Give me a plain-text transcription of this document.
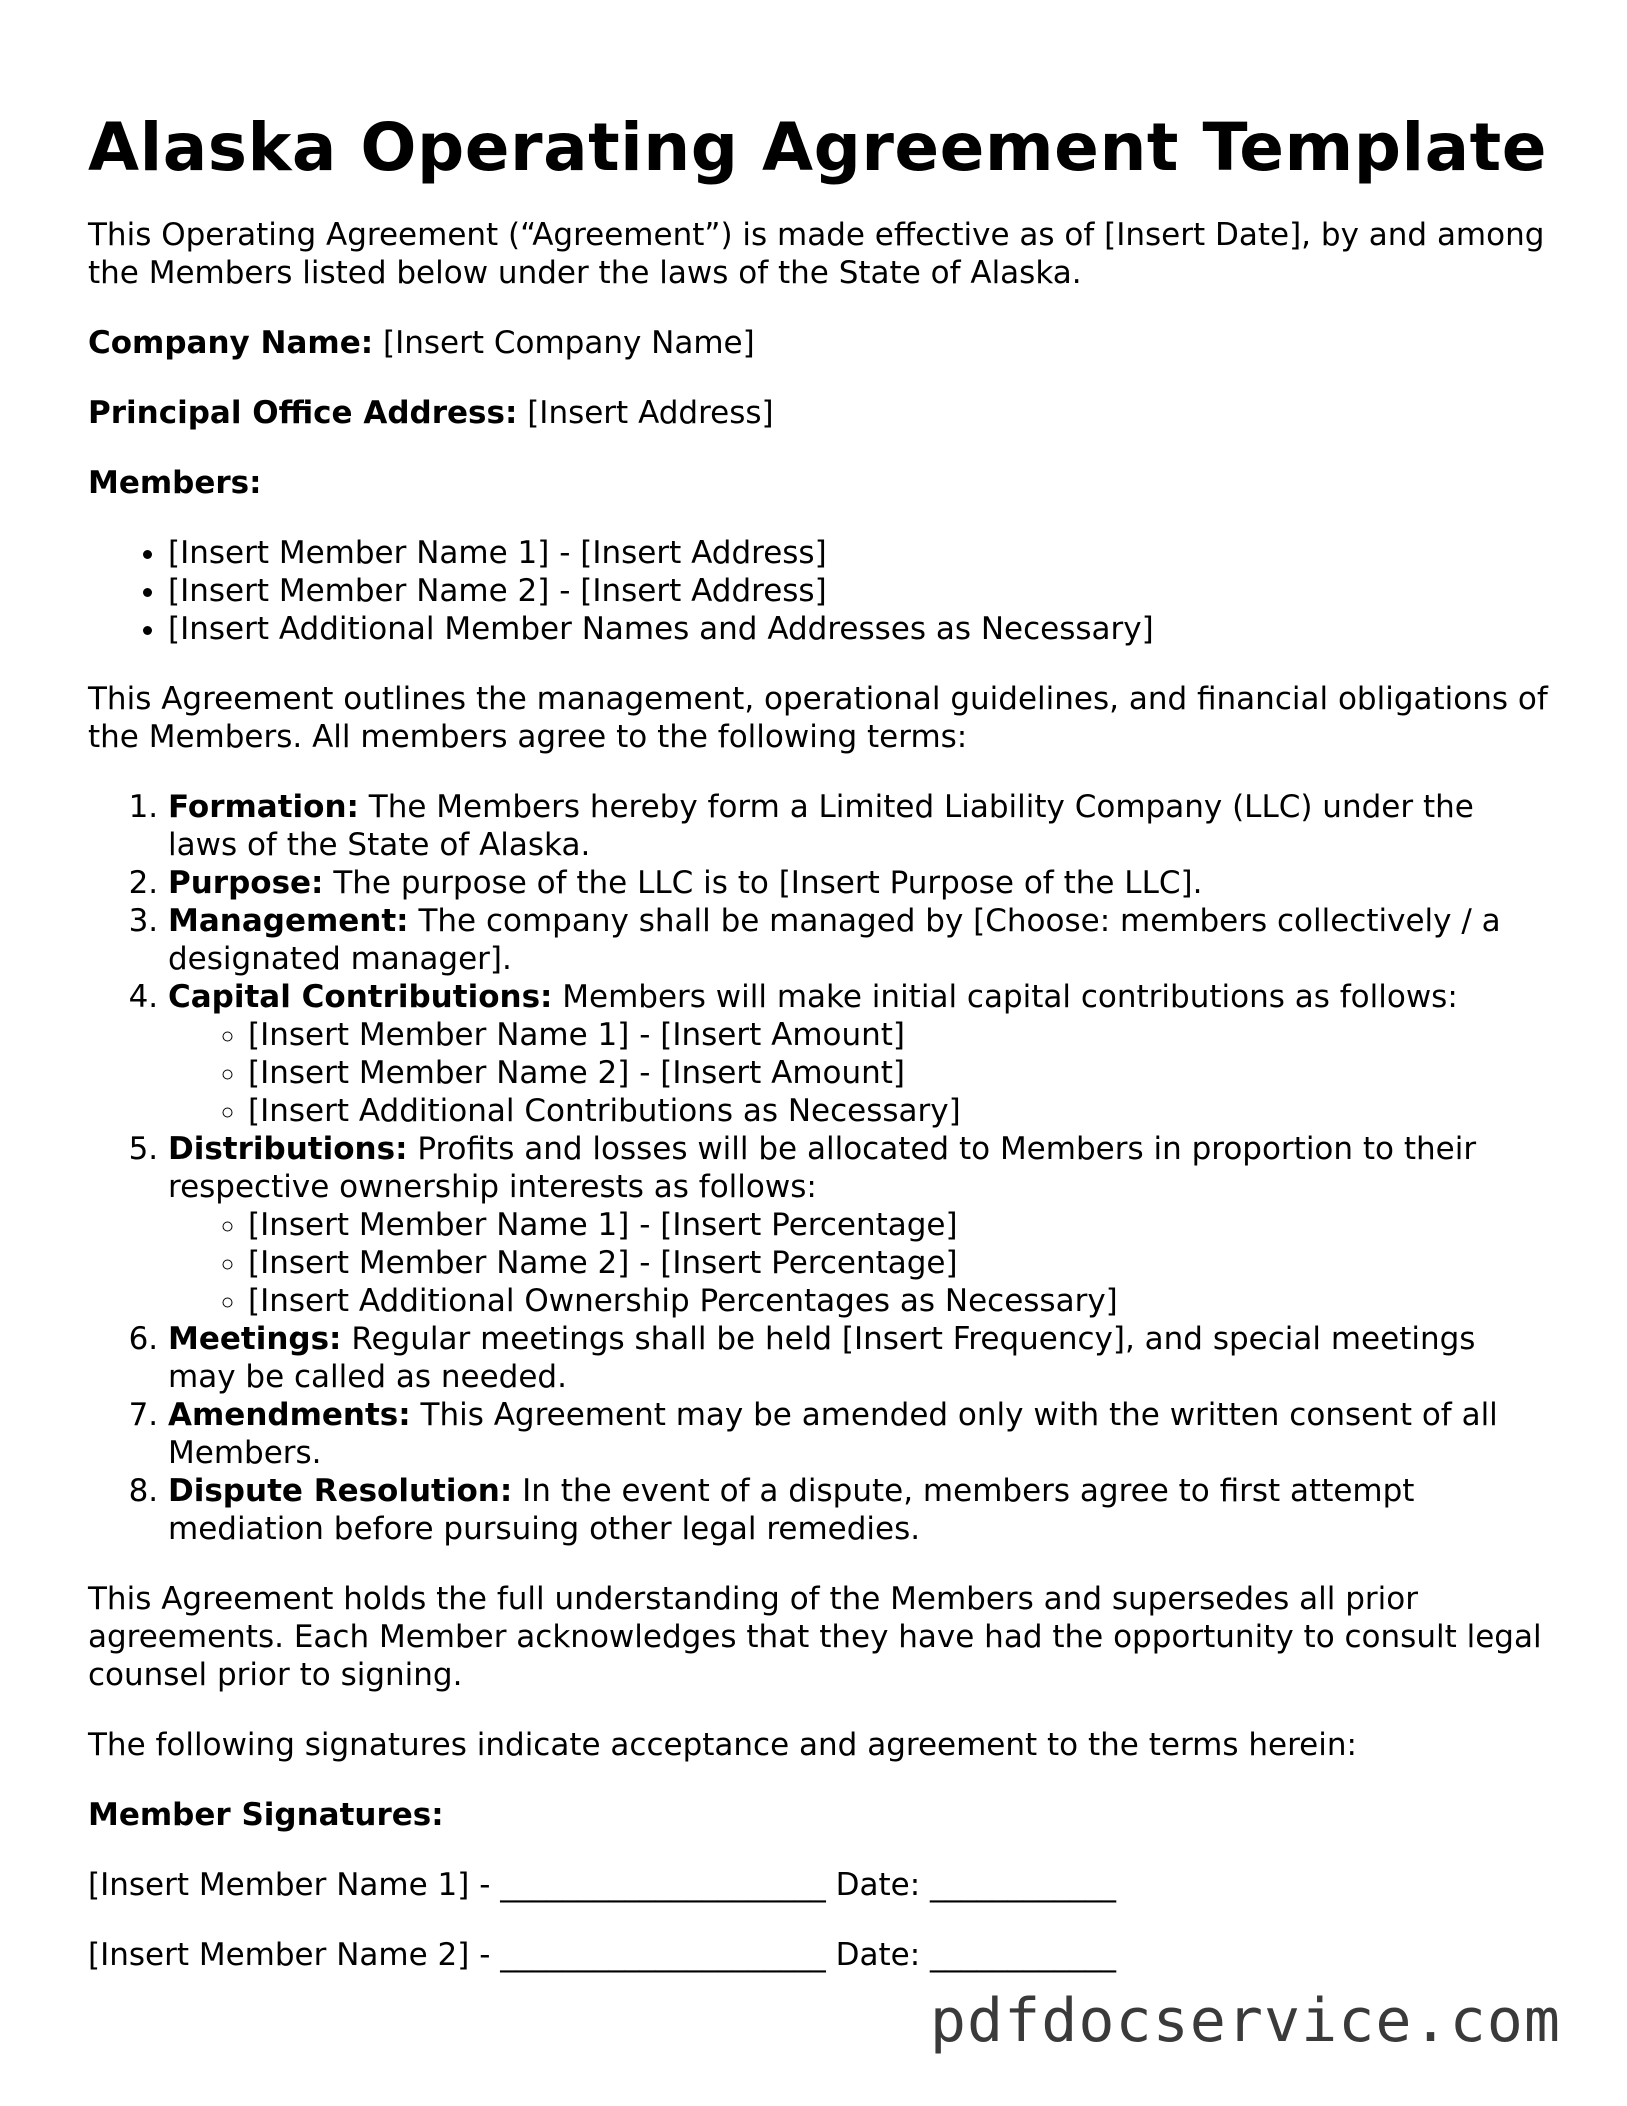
Alaska Operating Agreement Template

This Operating Agreement (“Agreement”) is made effective as of [Insert Date], by and among the Members listed below under the laws of the State of Alaska.

Company Name: [Insert Company Name]

Principal Office Address: [Insert Address]

Members:

• [Insert Member Name 1] - [Insert Address]
• [Insert Member Name 2] - [Insert Address]
• [Insert Additional Member Names and Addresses as Necessary]

This Agreement outlines the management, operational guidelines, and financial obligations of the Members. All members agree to the following terms:

1. Formation: The Members hereby form a Limited Liability Company (LLC) under the laws of the State of Alaska.
2. Purpose: The purpose of the LLC is to [Insert Purpose of the LLC].
3. Management: The company shall be managed by [Choose: members collectively / a designated manager].
4. Capital Contributions: Members will make initial capital contributions as follows:
◦ [Insert Member Name 1] - [Insert Amount]
◦ [Insert Member Name 2] - [Insert Amount]
◦ [Insert Additional Contributions as Necessary]
5. Distributions: Profits and losses will be allocated to Members in proportion to their respective ownership interests as follows:
◦ [Insert Member Name 1] - [Insert Percentage]
◦ [Insert Member Name 2] - [Insert Percentage]
◦ [Insert Additional Ownership Percentages as Necessary]
6. Meetings: Regular meetings shall be held [Insert Frequency], and special meetings may be called as needed.
7. Amendments: This Agreement may be amended only with the written consent of all Members.
8. Dispute Resolution: In the event of a dispute, members agree to first attempt mediation before pursuing other legal remedies.

This Agreement holds the full understanding of the Members and supersedes all prior agreements. Each Member acknowledges that they have had the opportunity to consult legal counsel prior to signing.

The following signatures indicate acceptance and agreement to the terms herein:

Member Signatures:

[Insert Member Name 1] - _____________________ Date: ____________

[Insert Member Name 2] - _____________________ Date: ____________

pdfdocservice.com
